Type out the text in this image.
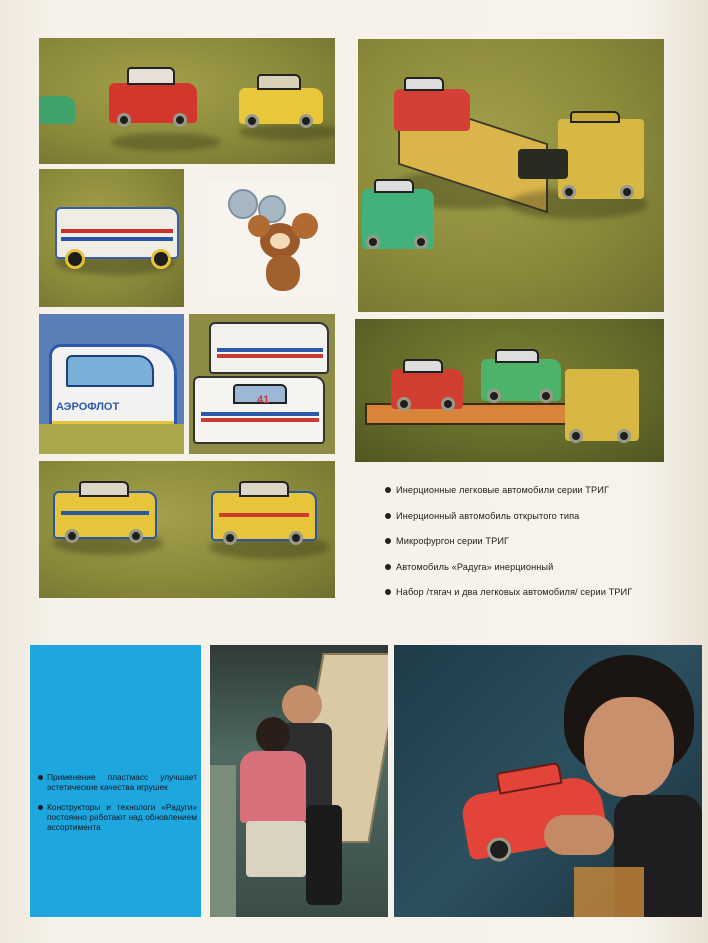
АЭРОФЛОТ
41
Инерционные легковые автомобили серии ТРИГ
Инерционный автомобиль открытого типа
Микрофургон серии ТРИГ
Автомобиль «Радуга» инерционный
Набор /тягач и два легковых автомобиля/ серии ТРИГ

Применение пластмасс улучшает эстетические качества игрушек

Конструкторы и технологи «Радуги» постоянно работают над обновлением ассортимента
